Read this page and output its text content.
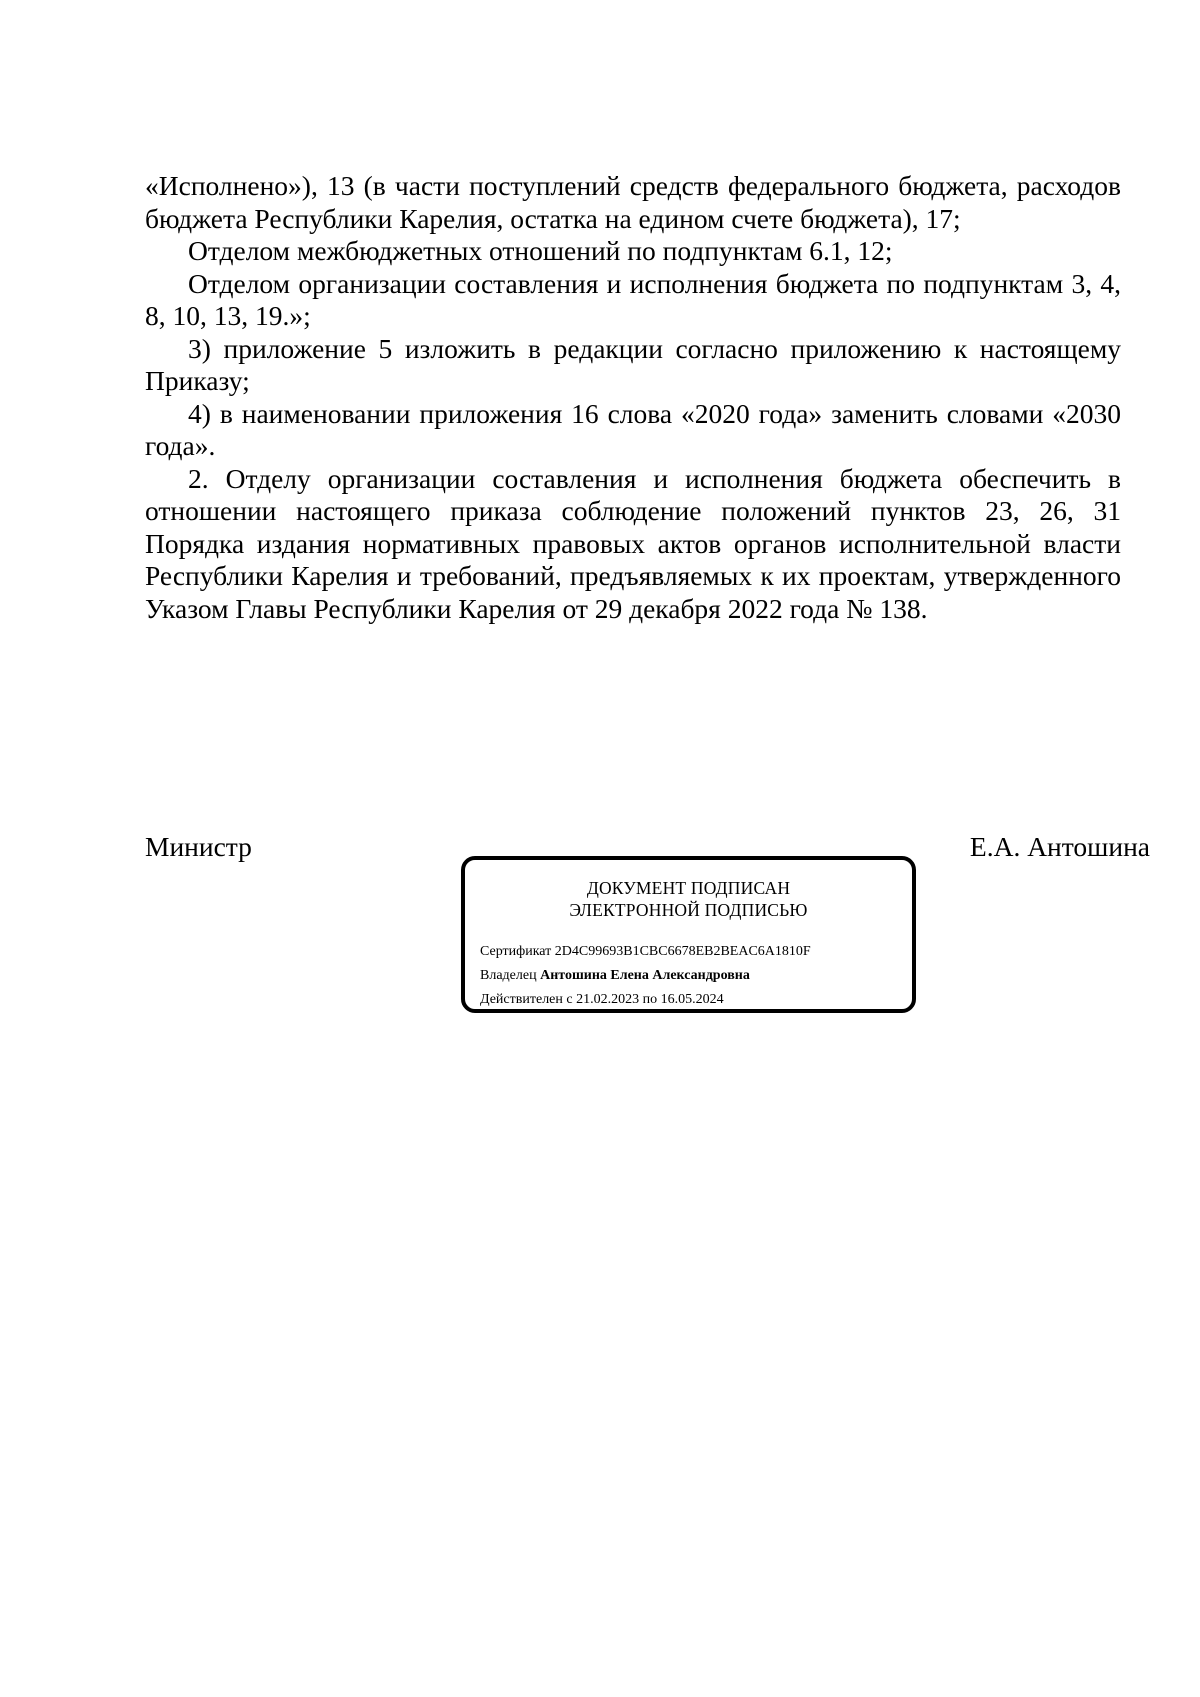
«Исполнено»), 13 (в части поступлений средств федерального бюджета, расходов бюджета Республики Карелия, остатка на едином счете бюджета), 17;

Отделом межбюджетных отношений по подпунктам 6.1, 12;

Отделом организации составления и исполнения бюджета по подпунктам 3, 4, 8, 10, 13, 19.»;

3) приложение 5 изложить в редакции согласно приложению к настоящему Приказу;

4) в наименовании приложения 16 слова «2020 года» заменить словами «2030 года».

2. Отделу организации составления и исполнения бюджета обеспечить в отношении настоящего приказа соблюдение положений пунктов 23, 26, 31 Порядка издания нормативных правовых актов органов исполнительной власти Республики Карелия и требований, предъявляемых к их проектам, утвержденного Указом Главы Республики Карелия от 29 декабря 2022 года № 138.

Министр	Е.А. Антошина
ДОКУМЕНТ ПОДПИСАН
ЭЛЕКТРОННОЙ ПОДПИСЬЮ
Сертификат 2D4C99693B1CBC6678EB2BEAC6A1810F
Владелец Антошина Елена Александровна
Действителен с 21.02.2023 по 16.05.2024
